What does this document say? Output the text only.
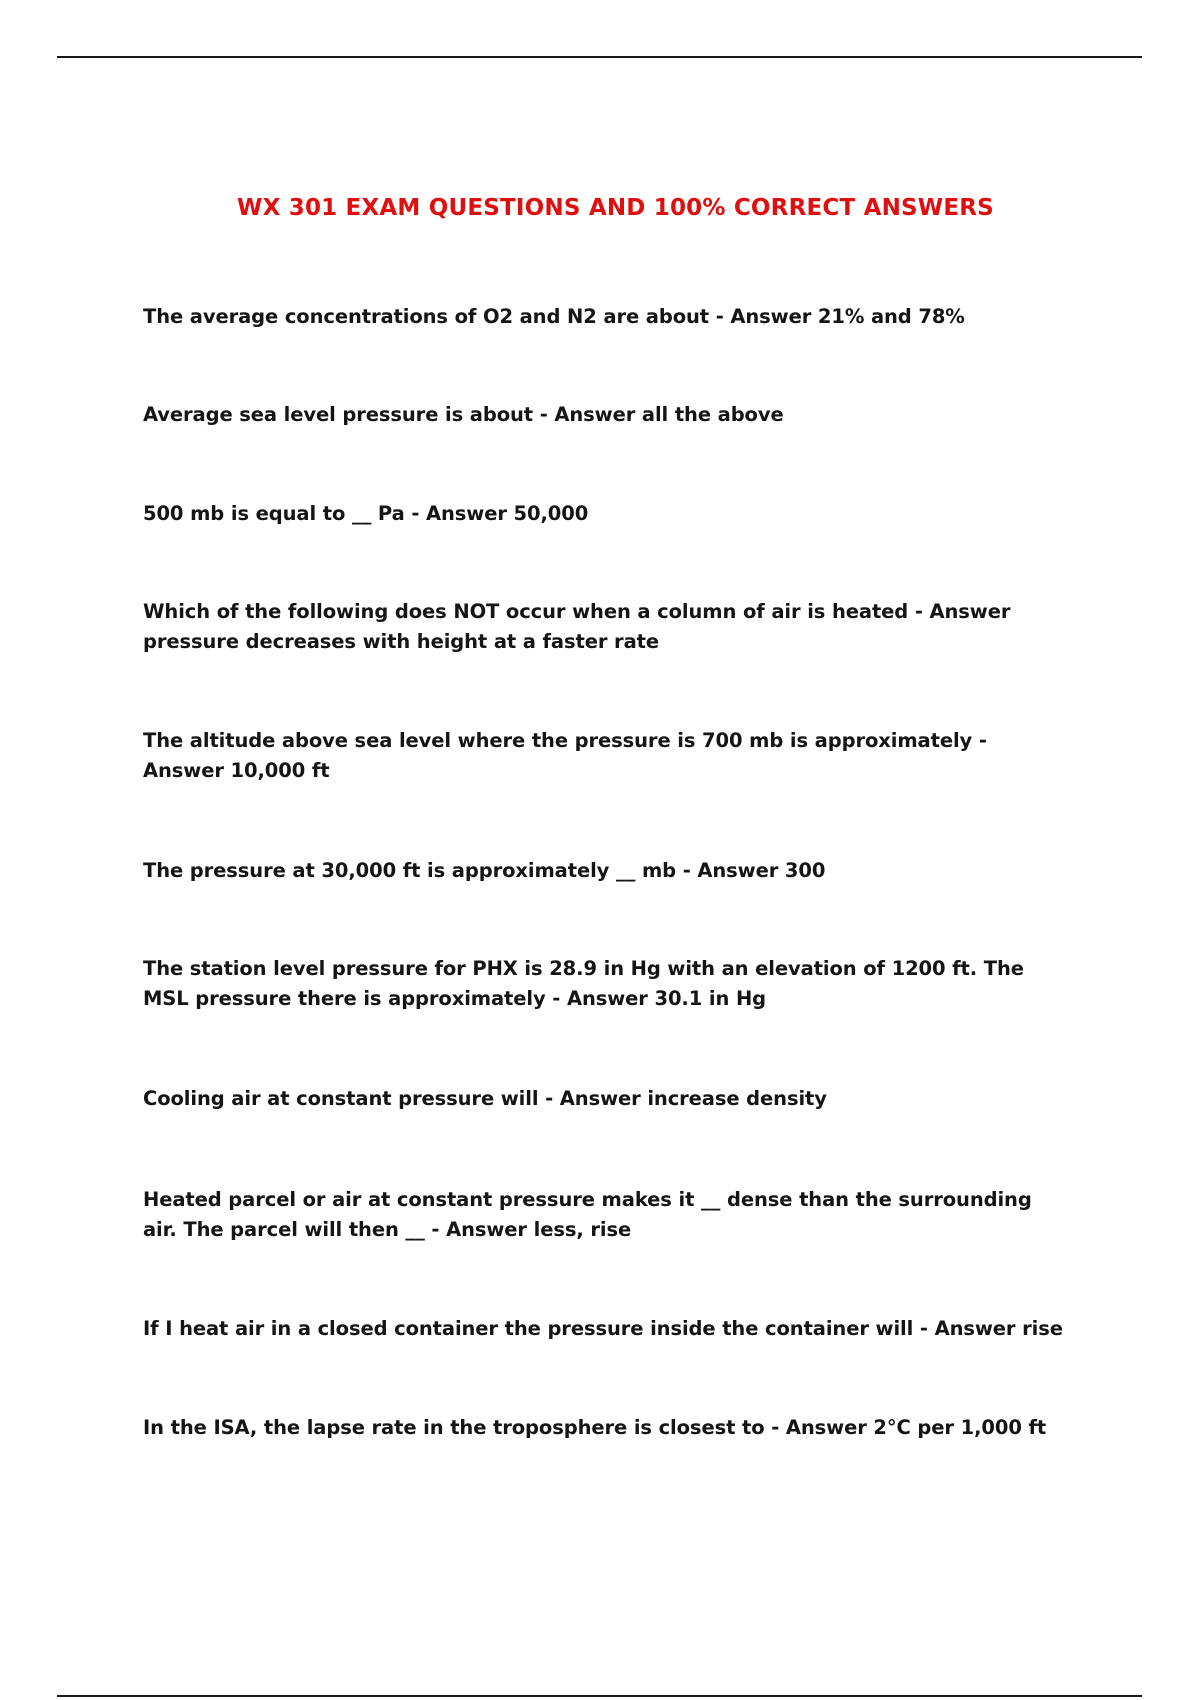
WX 301 EXAM QUESTIONS AND 100% CORRECT ANSWERS
The average concentrations of O2 and N2 are about - Answer 21% and 78%
Average sea level pressure is about - Answer all the above
500 mb is equal to __ Pa - Answer 50,000
Which of the following does NOT occur when a column of air is heated - Answer pressure decreases with height at a faster rate
The altitude above sea level where the pressure is 700 mb is approximately - Answer 10,000 ft
The pressure at 30,000 ft is approximately __ mb - Answer 300
The station level pressure for PHX is 28.9 in Hg with an elevation of 1200 ft. The MSL pressure there is approximately - Answer 30.1 in Hg
Cooling air at constant pressure will - Answer increase density
Heated parcel or air at constant pressure makes it __ dense than the surrounding air. The parcel will then __ - Answer less, rise
If I heat air in a closed container the pressure inside the container will - Answer rise
In the ISA, the lapse rate in the troposphere is closest to - Answer 2°C per 1,000 ft
